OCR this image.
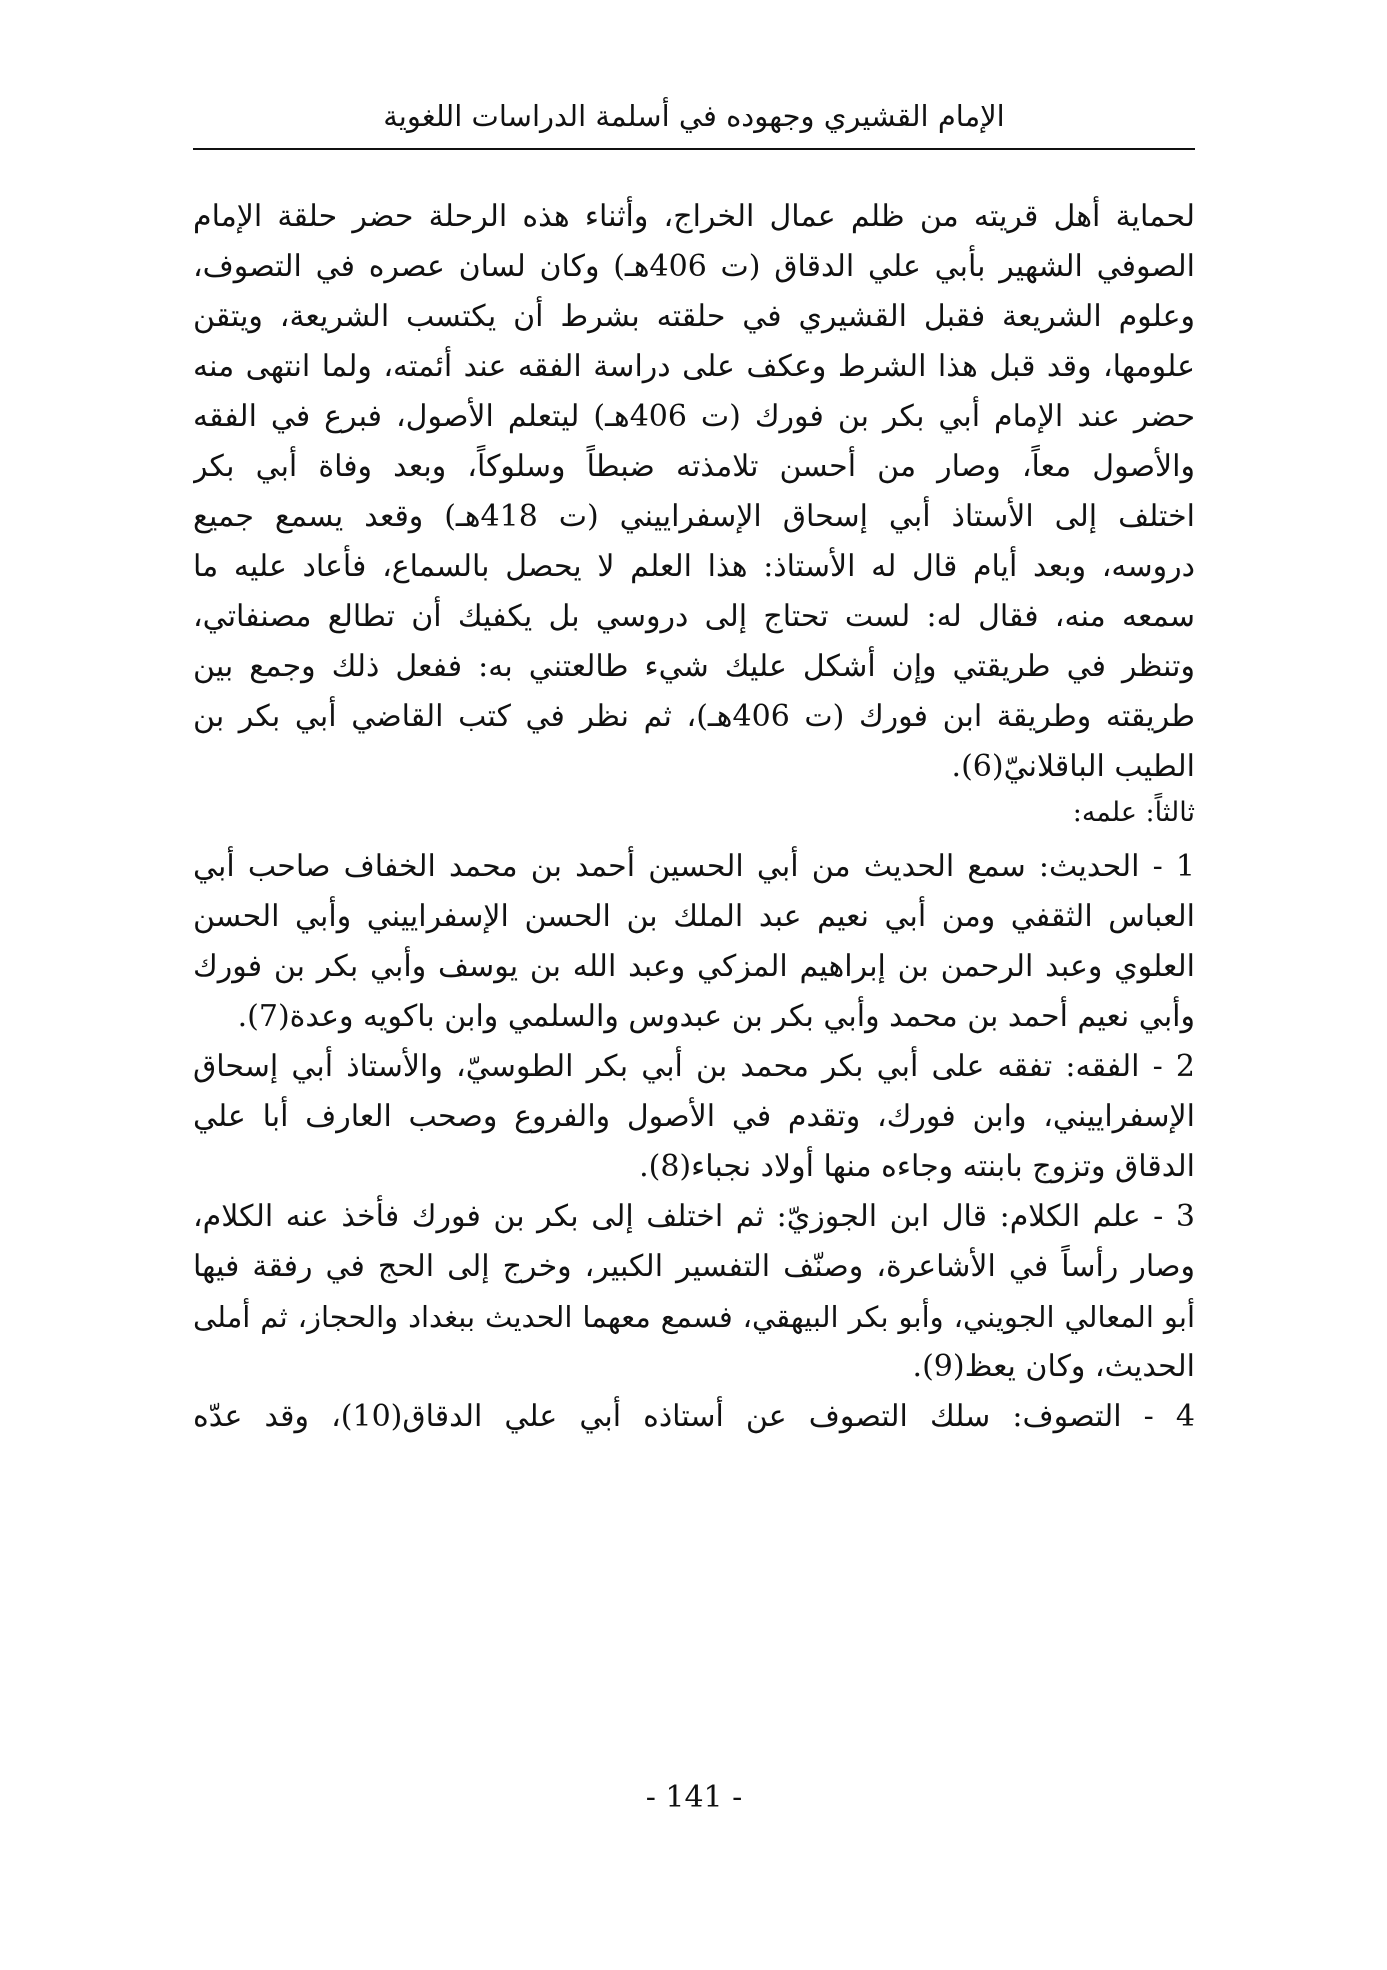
الإمام القشيري وجهوده في أسلمة الدراسات اللغوية
لحماية أهل قريته من ظلم عمال الخراج، وأثناء هذه الرحلة حضر حلقة الإمام
الصوفي الشهير بأبي علي الدقاق (ت 406هـ) وكان لسان عصره في التصوف،
وعلوم الشريعة فقبل القشيري في حلقته بشرط أن يكتسب الشريعة، ويتقن
علومها، وقد قبل هذا الشرط وعكف على دراسة الفقه عند أئمته، ولما انتهى منه
حضر عند الإمام أبي بكر بن فورك (ت 406هـ) ليتعلم الأصول، فبرع في الفقه
والأصول معاً، وصار من أحسن تلامذته ضبطاً وسلوكاً، وبعد وفاة أبي بكر
اختلف إلى الأستاذ أبي إسحاق الإسفراييني (ت 418هـ) وقعد يسمع جميع
دروسه، وبعد أيام قال له الأستاذ: هذا العلم لا يحصل بالسماع، فأعاد عليه ما
سمعه منه، فقال له: لست تحتاج إلى دروسي بل يكفيك أن تطالع مصنفاتي،
وتنظر في طريقتي وإن أشكل عليك شيء طالعتني به: ففعل ذلك وجمع بين
طريقته وطريقة ابن فورك (ت 406هـ)، ثم نظر في كتب القاضي أبي بكر بن
الطيب الباقلانيّ(6).
ثالثاً: علمه:
1 - الحديث: سمع الحديث من أبي الحسين أحمد بن محمد الخفاف صاحب أبي
العباس الثقفي ومن أبي نعيم عبد الملك بن الحسن الإسفراييني وأبي الحسن
العلوي وعبد الرحمن بن إبراهيم المزكي وعبد الله بن يوسف وأبي بكر بن فورك
وأبي نعيم أحمد بن محمد وأبي بكر بن عبدوس والسلمي وابن باكويه وعدة(7).
2 - الفقه: تفقه على أبي بكر محمد بن أبي بكر الطوسيّ، والأستاذ أبي إسحاق
الإسفراييني، وابن فورك، وتقدم في الأصول والفروع وصحب العارف أبا علي
الدقاق وتزوج بابنته وجاءه منها أولاد نجباء(8).
3 - علم الكلام: قال ابن الجوزيّ: ثم اختلف إلى بكر بن فورك فأخذ عنه الكلام،
وصار رأساً في الأشاعرة، وصنّف التفسير الكبير، وخرج إلى الحج في رفقة فيها
أبو المعالي الجويني، وأبو بكر البيهقي، فسمع معهما الحديث ببغداد والحجاز، ثم أملى
الحديث، وكان يعظ(9).
4 - التصوف: سلك التصوف عن أستاذه أبي علي الدقاق(10)، وقد عدّه
- 141 -
